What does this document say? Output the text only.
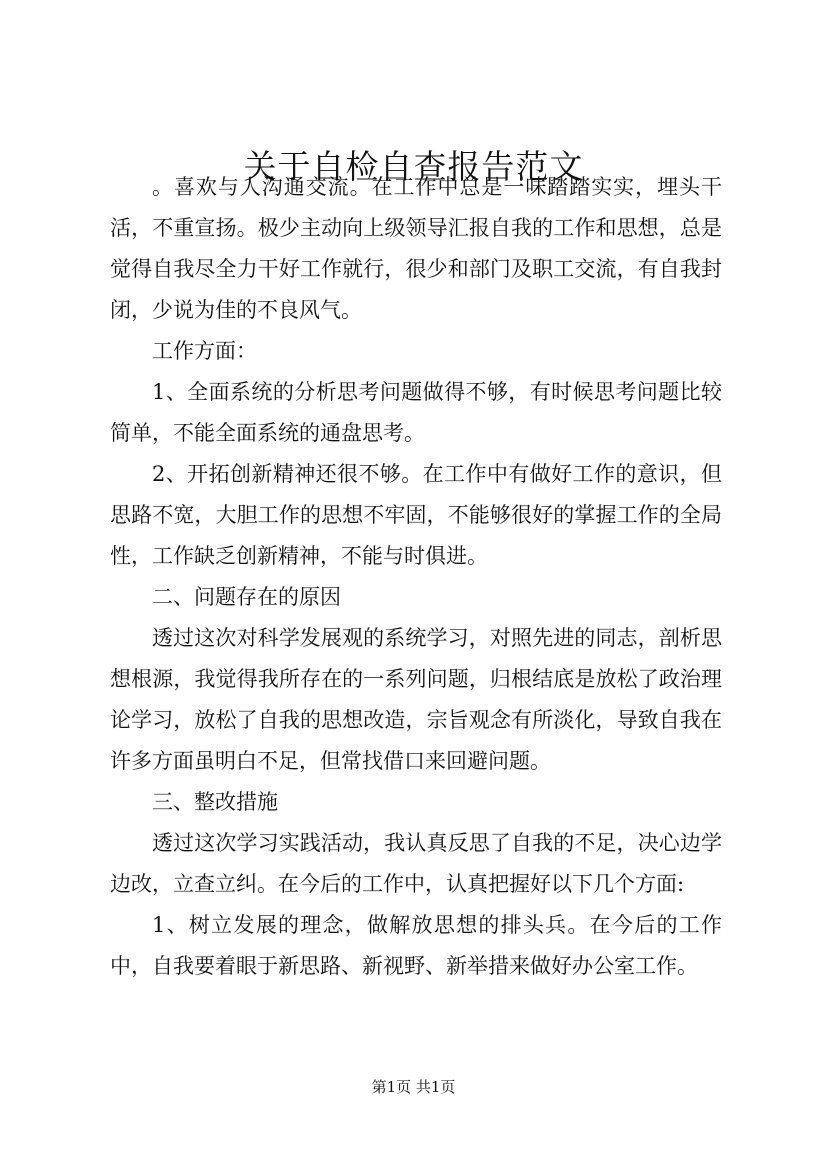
关于自检自查报告范文

。喜欢与人沟通交流。在工作中总是一味踏踏实实，埋头干活，不重宣扬。极少主动向上级领导汇报自我的工作和思想，总是觉得自我尽全力干好工作就行，很少和部门及职工交流，有自我封闭，少说为佳的不良风气。

工作方面：

1、全面系统的分析思考问题做得不够，有时候思考问题比较简单，不能全面系统的通盘思考。

2、开拓创新精神还很不够。在工作中有做好工作的意识，但思路不宽，大胆工作的思想不牢固，不能够很好的掌握工作的全局性，工作缺乏创新精神，不能与时俱进。

二、问题存在的原因

透过这次对科学发展观的系统学习，对照先进的同志，剖析思想根源，我觉得我所存在的一系列问题，归根结底是放松了政治理论学习，放松了自我的思想改造，宗旨观念有所淡化，导致自我在许多方面虽明白不足，但常找借口来回避问题。

三、整改措施

透过这次学习实践活动，我认真反思了自我的不足，决心边学边改，立查立纠。在今后的工作中，认真把握好以下几个方面:

1、树立发展的理念，做解放思想的排头兵。在今后的工作中，自我要着眼于新思路、新视野、新举措来做好办公室工作。

第1页 共1页
